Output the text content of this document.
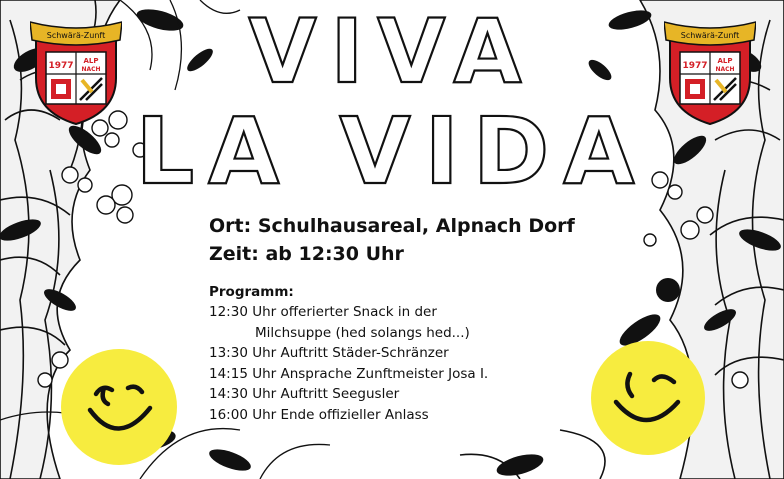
VIVA
LA VIDA
Ort: Schulhausareal, Alpnach Dorf
Zeit: ab 12:30 Uhr
Programm:
12:30 Uhr offerierter Snack in der
Milchsuppe (hed solangs hed...)
13:30 Uhr Auftritt Städer-Schränzer
14:15 Uhr Ansprache Zunftmeister Josa I.
14:30 Uhr Auftritt Seegusler
16:00 Uhr Ende offizieller Anlass
Schwärä-Zunft
1977 ALP
NACH
Schwärä-Zunft
1977 ALP
NACH
